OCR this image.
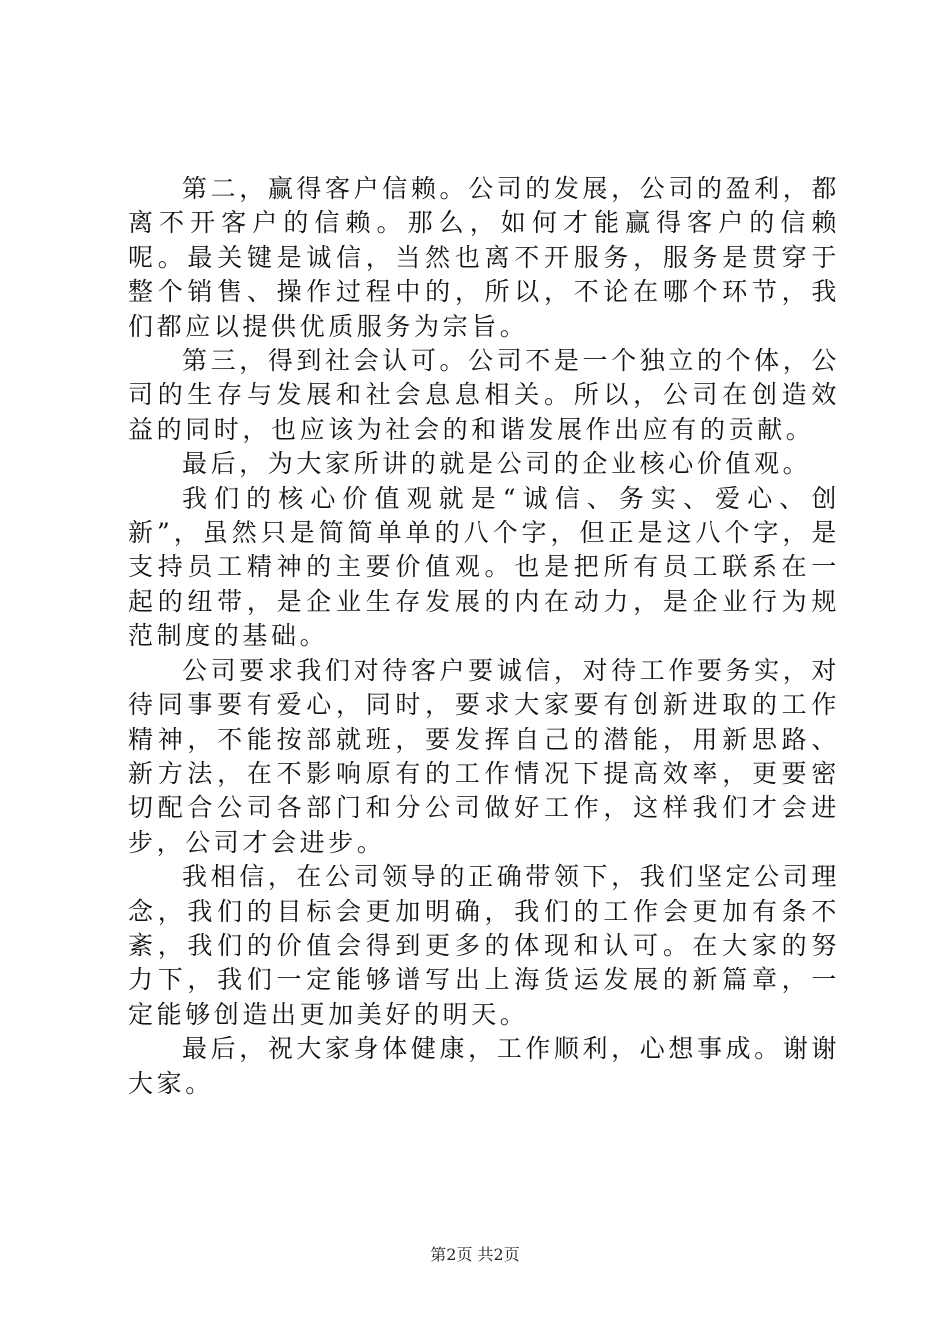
第二，赢得客户信赖。公司的发展，公司的盈利，都离不开客户的信赖。那么，如何才能赢得客户的信赖呢。最关键是诚信，当然也离不开服务，服务是贯穿于整个销售、操作过程中的，所以，不论在哪个环节，我们都应以提供优质服务为宗旨。

第三，得到社会认可。公司不是一个独立的个体，公司的生存与发展和社会息息相关。所以，公司在创造效益的同时，也应该为社会的和谐发展作出应有的贡献。

最后，为大家所讲的就是公司的企业核心价值观。

我们的核心价值观就是“诚信、务实、爱心、创新”，虽然只是简简单单的八个字，但正是这八个字，是支持员工精神的主要价值观。也是把所有员工联系在一起的纽带，是企业生存发展的内在动力，是企业行为规范制度的基础。

公司要求我们对待客户要诚信，对待工作要务实，对待同事要有爱心，同时，要求大家要有创新进取的工作精神，不能按部就班，要发挥自己的潜能，用新思路、新方法，在不影响原有的工作情况下提高效率，更要密切配合公司各部门和分公司做好工作，这样我们才会进步，公司才会进步。

我相信，在公司领导的正确带领下，我们坚定公司理念，我们的目标会更加明确，我们的工作会更加有条不紊，我们的价值会得到更多的体现和认可。在大家的努力下，我们一定能够谱写出上海货运发展的新篇章，一定能够创造出更加美好的明天。

最后，祝大家身体健康，工作顺利，心想事成。谢谢大家。

第2页 共2页
